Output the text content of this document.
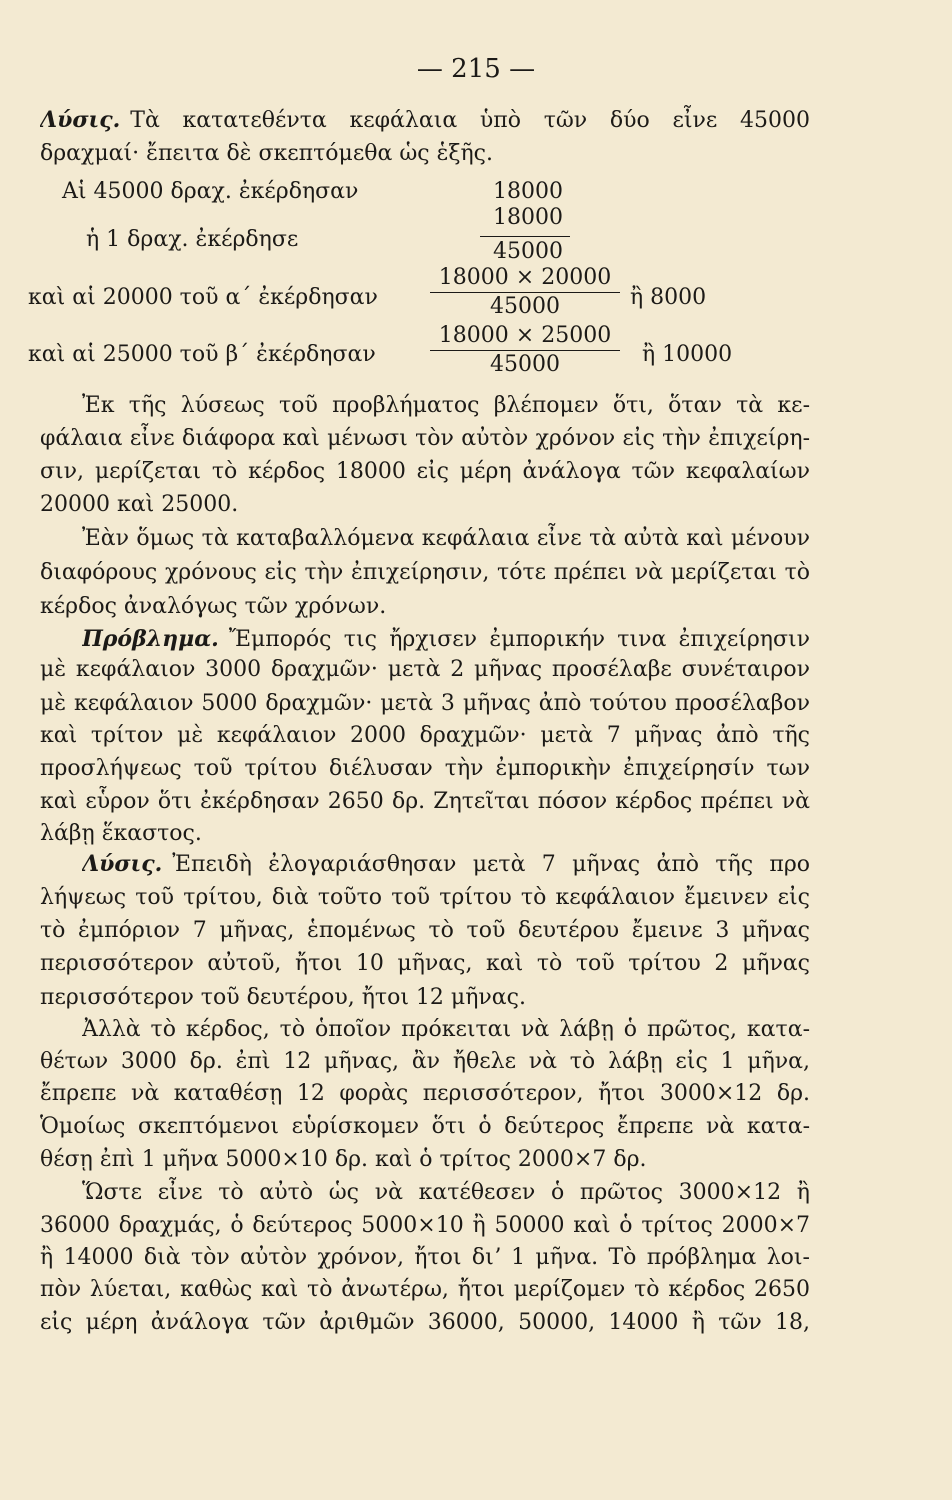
— 215 —
Λύσις. Τὰ κατατεθέντα κεφάλαια ὑπὸ τῶν δύο εἶνε 45000
δραχμαί· ἔπειτα δὲ σκεπτόμεθα ὡς ἑξῆς.
Αἱ 45000 δραχ. ἐκέρδησαν	18000
ἡ 1 δραχ. ἐκέρδησε
18000
45000
καὶ αἱ 20000 τοῦ α΄ ἐκέρδησαν $\frac{18000 \times 20000}{45000}$ ἢ 8000
καὶ αἱ 25000 τοῦ β΄ ἐκέρδησαν $\frac{18000 \times 25000}{45000}$ ἢ 10000
Ἐκ τῆς λύσεως τοῦ προβλήματος βλέπομεν ὅτι, ὅταν τὰ κε-
φάλαια εἶνε διάφορα καὶ μένωσι τὸν αὐτὸν χρόνον εἰς τὴν ἐπιχείρη-
σιν, μερίζεται τὸ κέρδος 18000 εἰς μέρη ἀνάλογα τῶν κεφαλαίων
20000 καὶ 25000.
Ἐὰν ὅμως τὰ καταβαλλόμενα κεφάλαια εἶνε τὰ αὐτὰ καὶ μένουν
διαφόρους χρόνους εἰς τὴν ἐπιχείρησιν, τότε πρέπει νὰ μερίζεται τὸ
κέρδος ἀναλόγως τῶν χρόνων.
Πρόβλημα. Ἔμπορός τις ἤρχισεν ἐμπορικήν τινα ἐπιχείρησιν
μὲ κεφάλαιον 3000 δραχμῶν· μετὰ 2 μῆνας προσέλαβε συνέταιρον
μὲ κεφάλαιον 5000 δραχμῶν· μετὰ 3 μῆνας ἀπὸ τούτου προσέλαβον
καὶ τρίτον μὲ κεφάλαιον 2000 δραχμῶν· μετὰ 7 μῆνας ἀπὸ τῆς
προσλήψεως τοῦ τρίτου διέλυσαν τὴν ἐμπορικὴν ἐπιχείρησίν των
καὶ εὗρον ὅτι ἐκέρδησαν 2650 δρ. Ζητεῖται πόσον κέρδος πρέπει νὰ
λάβῃ ἕκαστος.
Λύσις. Ἐπειδὴ ἐλογαριάσθησαν μετὰ 7 μῆνας ἀπὸ τῆς προ
λήψεως τοῦ τρίτου, διὰ τοῦτο τοῦ τρίτου τὸ κεφάλαιον ἔμεινεν εἰς
τὸ ἐμπόριον 7 μῆνας, ἑπομένως τὸ τοῦ δευτέρου ἔμεινε 3 μῆνας
περισσότερον αὐτοῦ, ἤτοι 10 μῆνας, καὶ τὸ τοῦ τρίτου 2 μῆνας
περισσότερον τοῦ δευτέρου, ἤτοι 12 μῆνας.
Ἀλλὰ τὸ κέρδος, τὸ ὁποῖον πρόκειται νὰ λάβῃ ὁ πρῶτος, κατα-
θέτων 3000 δρ. ἐπὶ 12 μῆνας, ἂν ἤθελε νὰ τὸ λάβῃ εἰς 1 μῆνα,
ἔπρεπε νὰ καταθέσῃ 12 φορὰς περισσότερον, ἤτοι 3000×12 δρ.
Ὁμοίως σκεπτόμενοι εὑρίσκομεν ὅτι ὁ δεύτερος ἔπρεπε νὰ κατα-
θέσῃ ἐπὶ 1 μῆνα 5000×10 δρ. καὶ ὁ τρίτος 2000×7 δρ.
Ὥστε εἶνε τὸ αὐτὸ ὡς νὰ κατέθεσεν ὁ πρῶτος 3000×12 ἢ
36000 δραχμάς, ὁ δεύτερος 5000×10 ἢ 50000 καὶ ὁ τρίτος 2000×7
ἢ 14000 διὰ τὸν αὐτὸν χρόνον, ἤτοι διʼ 1 μῆνα. Τὸ πρόβλημα λοι-
πὸν λύεται, καθὼς καὶ τὸ ἀνωτέρω, ἤτοι μερίζομεν τὸ κέρδος 2650
εἰς μέρη ἀνάλογα τῶν ἀριθμῶν 36000, 50000, 14000 ἢ τῶν 18,
